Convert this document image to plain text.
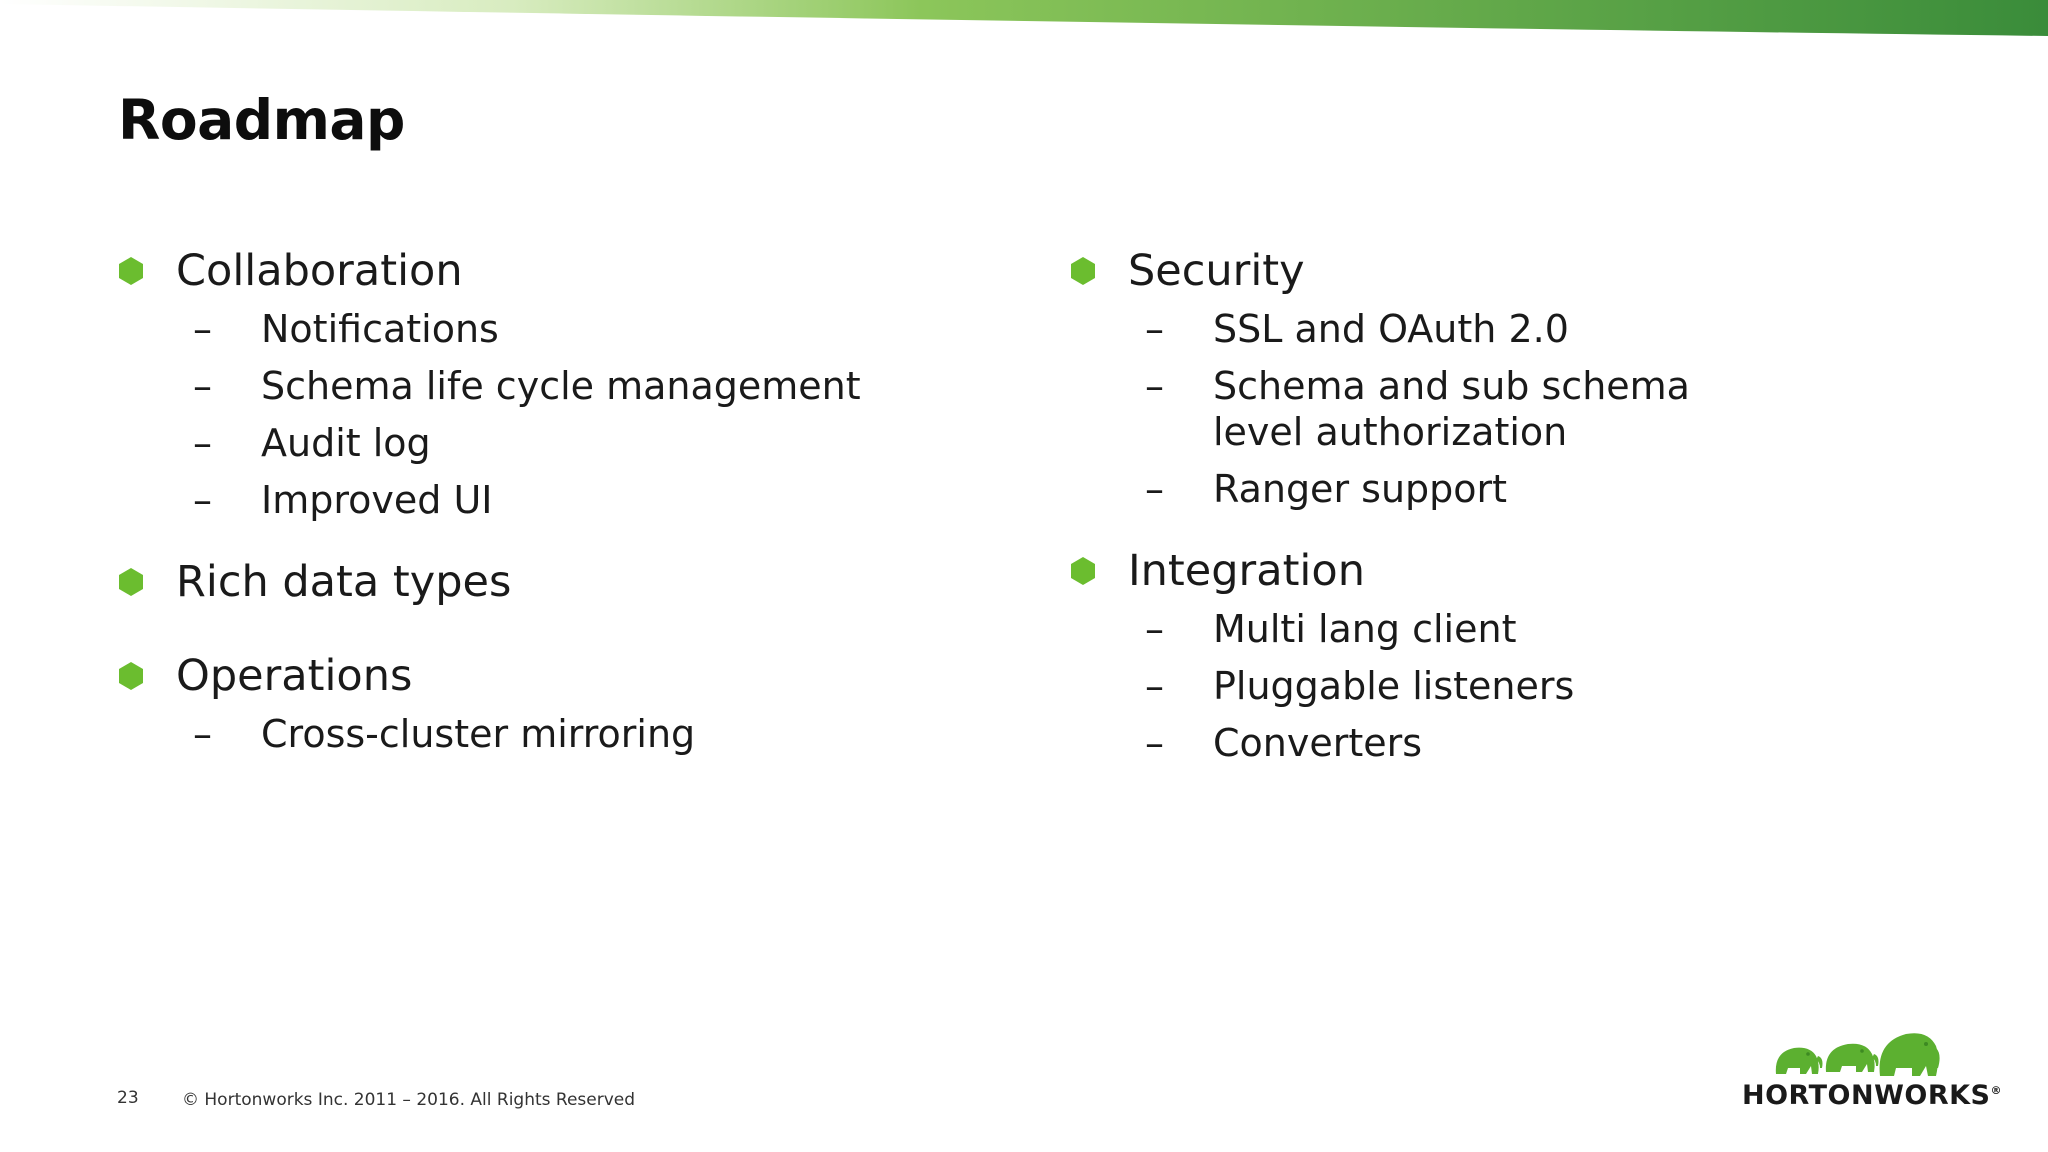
Roadmap
Collaboration
–	Notifications
–	Schema life cycle management
–	Audit log
–	Improved UI
Rich data types
Operations
–	Cross-cluster mirroring
Security
–	SSL and OAuth 2.0
–	Schema and sub schema level authorization
–	Ranger support
Integration
–	Multi lang client
–	Pluggable listeners
–	Converters
23	© Hortonworks Inc. 2011 – 2016. All Rights Reserved	HORTONWORKS®
